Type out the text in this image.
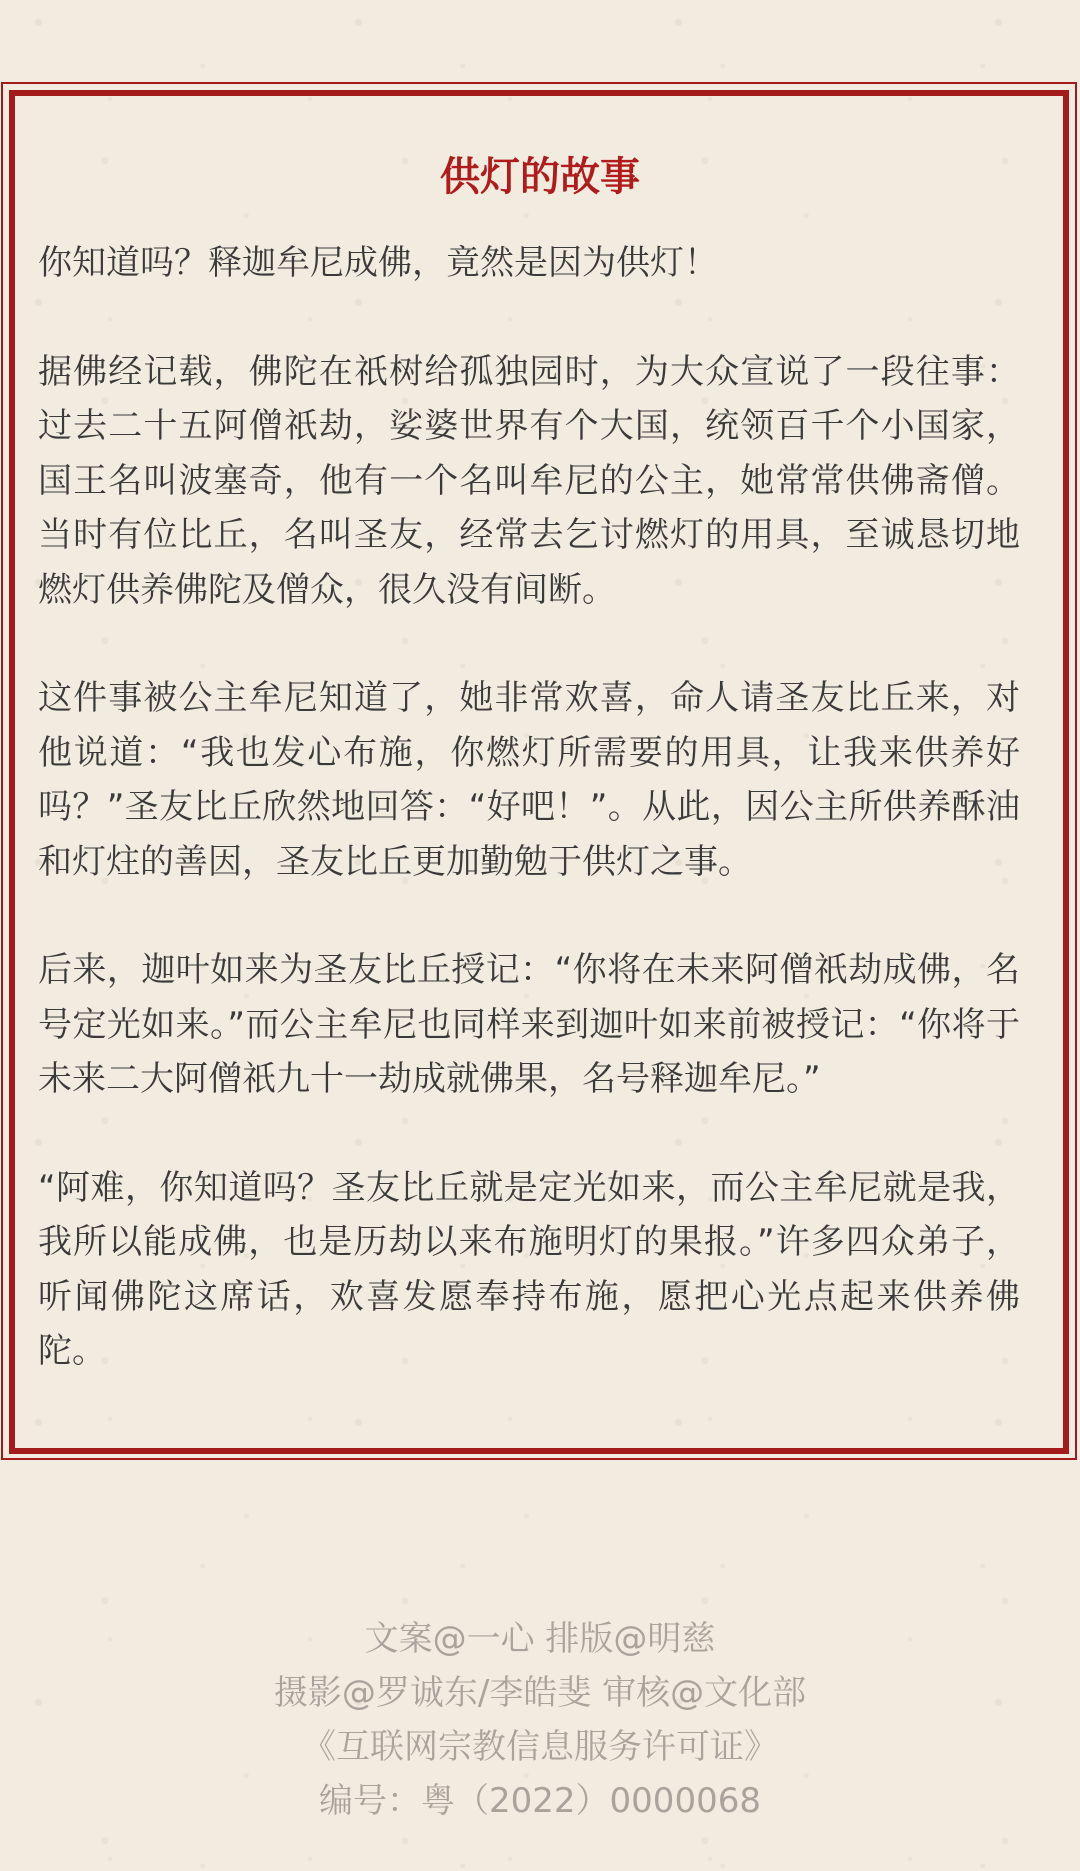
供灯的故事

你知道吗？释迦牟尼成佛，竟然是因为供灯！

据佛经记载，佛陀在祇树给孤独园时，为大众宣说了一段往事：过去二十五阿僧祇劫，娑婆世界有个大国，统领百千个小国家，国王名叫波塞奇，他有一个名叫牟尼的公主，她常常供佛斋僧。当时有位比丘，名叫圣友，经常去乞讨燃灯的用具，至诚恳切地燃灯供养佛陀及僧众，很久没有间断。

这件事被公主牟尼知道了，她非常欢喜，命人请圣友比丘来，对他说道：“我也发心布施，你燃灯所需要的用具，让我来供养好吗？”圣友比丘欣然地回答：“好吧！”。从此，因公主所供养酥油和灯炷的善因，圣友比丘更加勤勉于供灯之事。

后来，迦叶如来为圣友比丘授记：“你将在未来阿僧祇劫成佛，名号定光如来。”而公主牟尼也同样来到迦叶如来前被授记：“你将于未来二大阿僧祇九十一劫成就佛果，名号释迦牟尼。”

“阿难，你知道吗？圣友比丘就是定光如来，而公主牟尼就是我，我所以能成佛，也是历劫以来布施明灯的果报。”许多四众弟子，听闻佛陀这席话，欢喜发愿奉持布施，愿把心光点起来供养佛陀。

文案@一心 排版@明慈
摄影@罗诚东/李皓斐 审核@文化部
《互联网宗教信息服务许可证》
编号：粤（2022）0000068
